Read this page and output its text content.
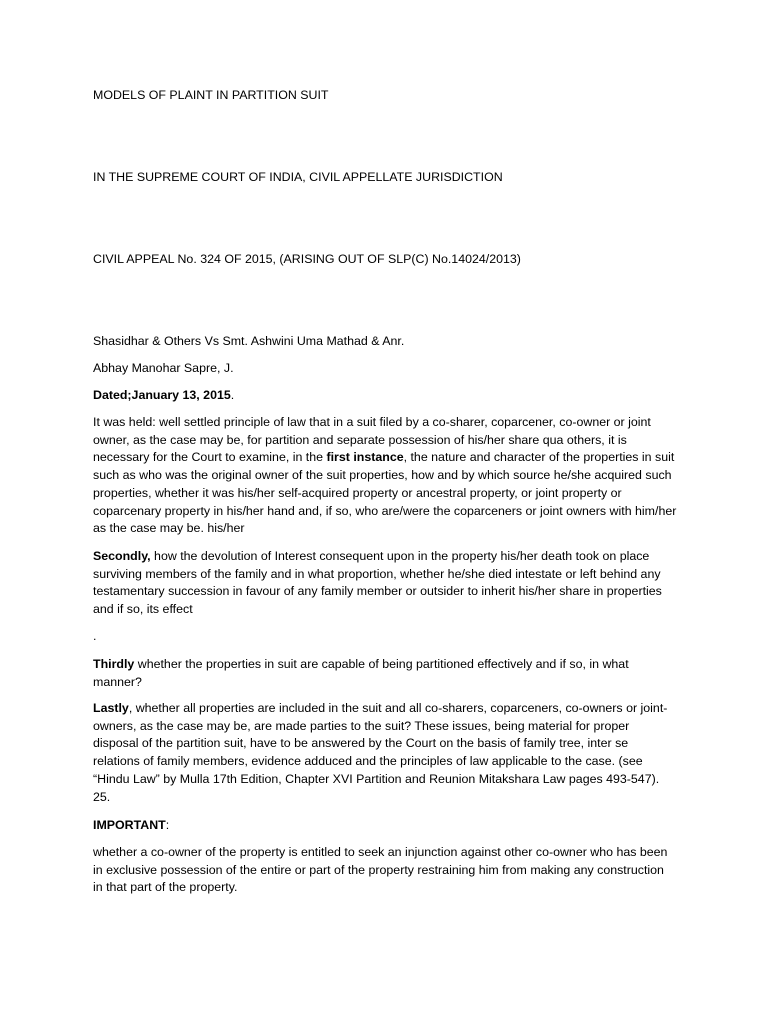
MODELS OF PLAINT IN PARTITION SUIT

IN THE SUPREME COURT OF INDIA, CIVIL APPELLATE JURISDICTION

CIVIL APPEAL No. 324 OF 2015, (ARISING OUT OF SLP(C) No.14024/2013)

Shasidhar & Others Vs Smt. Ashwini Uma Mathad & Anr.

Abhay Manohar Sapre, J.

Dated;January 13, 2015.

It was held: well settled principle of law that in a suit filed by a co-sharer, coparcener, co-owner or joint owner, as the case may be, for partition and separate possession of his/her share qua others, it is necessary for the Court to examine, in the first instance, the nature and character of the properties in suit such as who was the original owner of the suit properties, how and by which source he/she acquired such properties, whether it was his/her self-acquired property or ancestral property, or joint property or coparcenary property in his/her hand and, if so, who are/were the coparceners or joint owners with him/her as the case may be. his/her

Secondly, how the devolution of Interest consequent upon in the property his/her death took on place surviving members of the family and in what proportion, whether he/she died intestate or left behind any testamentary succession in favour of any family member or outsider to inherit his/her share in properties and if so, its effect

.

Thirdly whether the properties in suit are capable of being partitioned effectively and if so, in what manner?

Lastly, whether all properties are included in the suit and all co-sharers, coparceners, co-owners or joint-owners, as the case may be, are made parties to the suit? These issues, being material for proper disposal of the partition suit, have to be answered by the Court on the basis of family tree, inter se relations of family members, evidence adduced and the principles of law applicable to the case. (see “Hindu Law” by Mulla 17th Edition, Chapter XVI Partition and Reunion Mitakshara Law pages 493-547). 25.

IMPORTANT:

whether a co-owner of the property is entitled to seek an injunction against other co-owner who has been in exclusive possession of the entire or part of the property restraining him from making any construction in that part of the property.
